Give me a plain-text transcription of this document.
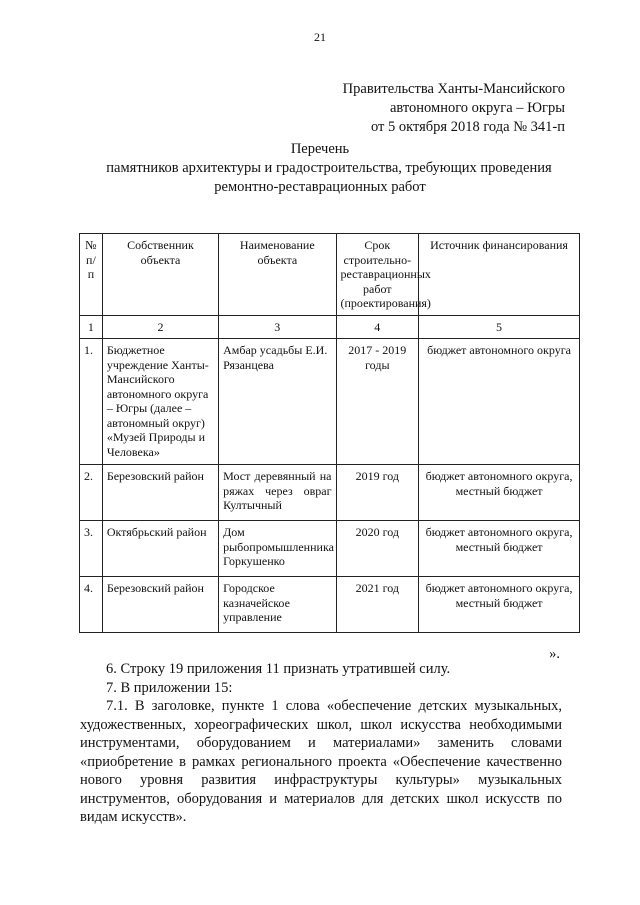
21
Правительства Ханты-Мансийского
автономного округа – Югры
от 5 октября 2018 года № 341-п
Перечень
памятников архитектуры и градостроительства, требующих проведения
ремонтно-реставрационных работ
№ п/п	Собственник объекта	Наименование объекта	Срок строительно-реставрационных работ (проектирования)	Источник финансирования
1	2	3	4	5
1.	Бюджетное учреждение Ханты-Мансийского автономного округа – Югры (далее – автономный округ) «Музей Природы и Человека»	Амбар усадьбы Е.И. Рязанцева	2017 - 2019 годы	бюджет автономного округа
2.	Березовский район	Мост деревянный на ряжах через овраг Култычный	2019 год	бюджет автономного округа, местный бюджет
3.	Октябрьский район	Дом рыбопромышленника Горкушенко	2020 год	бюджет автономного округа, местный бюджет
4.	Березовский район	Городское казначейское управление	2021 год	бюджет автономного округа, местный бюджет
».

6. Строку 19 приложения 11 признать утратившей силу.

7. В приложении 15:

7.1. В заголовке, пункте 1 слова «обеспечение детских музыкальных, художественных, хореографических школ, школ искусства необходимыми инструментами, оборудованием и материалами» заменить словами «приобретение в рамках регионального проекта «Обеспечение качественно нового уровня развития инфраструктуры культуры» музыкальных инструментов, оборудования и материалов для детских школ искусств по видам искусств».
